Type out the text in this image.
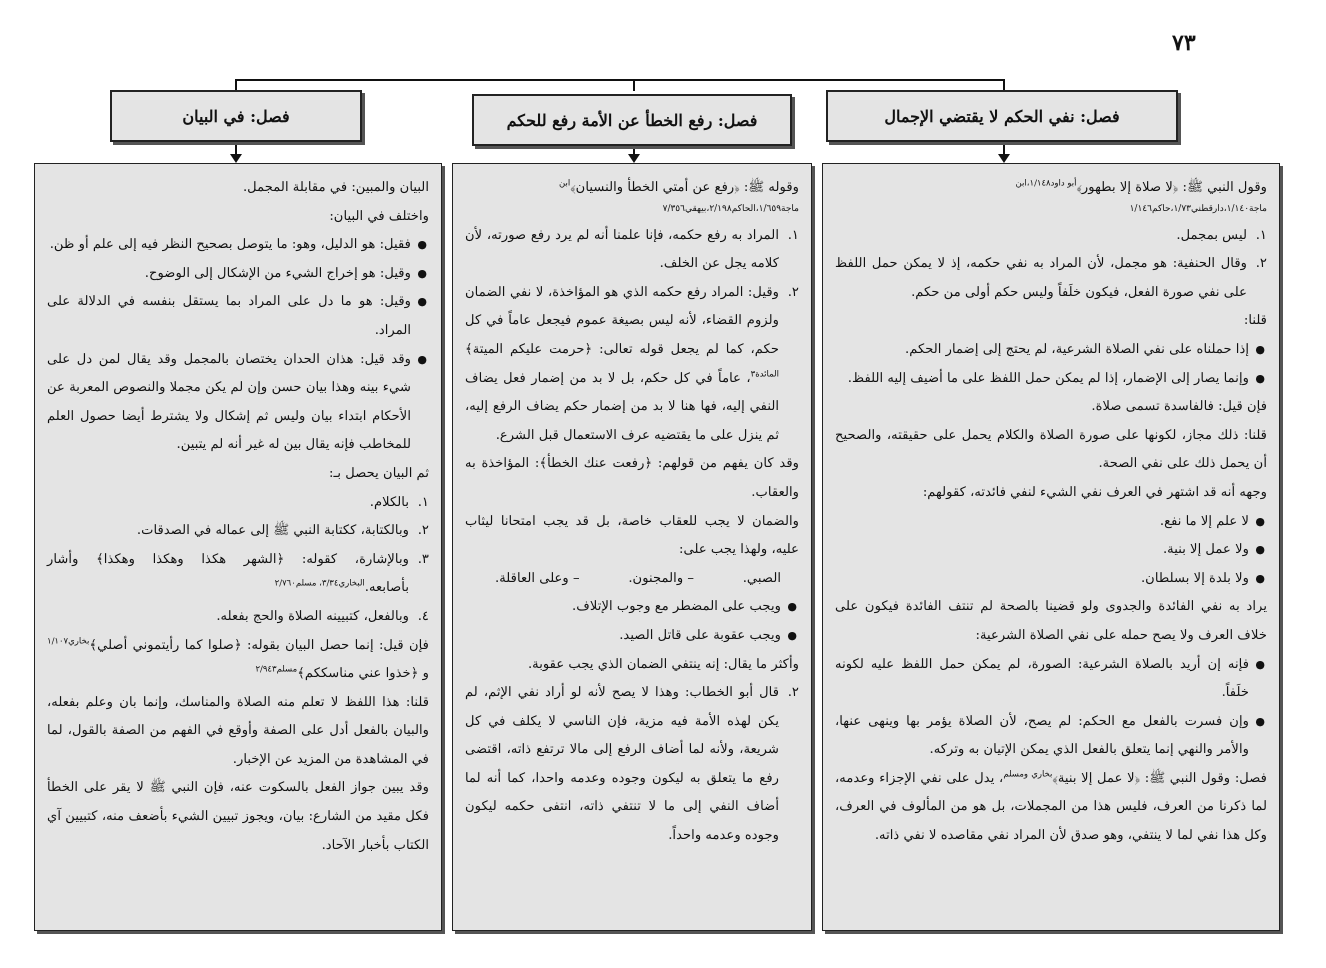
٧٣
فصل: نفي الحكم لا يقتضي الإجمال
فصل: رفع الخطأ عن الأمة رفع للحكم
فصل: في البيان

وقول النبي ﷺ: ﴿لا صلاة إلا بطهور﴾$^{أبو داود١/١٤٨،ابن}$

ماجة١/١٤٠،دارقطني١/٧٣،حاكم١/١٤٦

١.
ليس بمجمل.

٢.
وقال الحنفية: هو مجمل، لأن المراد به نفي حكمه، إذ لا يمكن حمل اللفظ على نفي صورة الفعل، فيكون خلَفاً وليس حكم أولى من حكم.

قلنا:

●
إذا حملناه على نفي الصلاة الشرعية، لم يحتج إلى إضمار الحكم.

●
وإنما يصار إلى الإضمار، إذا لم يمكن حمل اللفظ على ما أضيف إليه اللفظ.

فإن قيل: فالفاسدة تسمى صلاة.

قلنا: ذلك مجاز، لكونها على صورة الصلاة والكلام يحمل على حقيقته، والصحيح أن يحمل ذلك على نفي الصحة.

وجهه أنه قد اشتهر في العرف نفي الشيء لنفي فائدته، كقولهم:

●
لا علم إلا ما نفع.

●
ولا عمل إلا بنية.

●
ولا بلدة إلا بسلطان.

يراد به نفي الفائدة والجدوى ولو قضينا بالصحة لم تنتف الفائدة فيكون على خلاف العرف ولا يصح حمله على نفي الصلاة الشرعية:

●
فإنه إن أريد بالصلاة الشرعية: الصورة، لم يمكن حمل اللفظ عليه لكونه خلَفاً.

●
وإن فسرت بالفعل مع الحكم: لم يصح، لأن الصلاة يؤمر بها وينهى عنها، والأمر والنهي إنما يتعلق بالفعل الذي يمكن الإتيان به وتركه.

فصل: وقول النبي ﷺ: ﴿لا عمل إلا بنية﴾$^{بخاري ومسلم}$، يدل على نفي الإجزاء وعدمه، لما ذكرنا من العرف، فليس هذا من المجملات، بل هو من المألوف في العرف، وكل هذا نفي لما لا ينتفي، وهو صدق لأن المراد نفي مقاصده لا نفي ذاته.

وقوله ﷺ: ﴿رفع عن أمتي الخطأ والنسيان﴾$^{ابن}$

ماجة١/٦٥٩،الحاكم٢/١٩٨،بيهقي٧/٣٥٦

١.
المراد به رفع حكمه، فإنا علمنا أنه لم يرد رفع صورته، لأن كلامه يجل عن الخلف.

٢.
وقيل: المراد رفع حكمه الذي هو المؤاخذة، لا نفي الضمان ولزوم القضاء، لأنه ليس بصيغة عموم فيجعل عاماً في كل حكم، كما لم يجعل قوله تعالى: ﴿حرمت عليكم الميتة﴾$^{المائدة٣}$، عاماً في كل حكم، بل لا بد من إضمار فعل يضاف النفي إليه، فها هنا لا بد من إضمار حكم يضاف الرفع إليه، ثم ينزل على ما يقتضيه عرف الاستعمال قبل الشرع.

وقد كان يفهم من قولهم: ﴿رفعت عنك الخطأ﴾: المؤاخذة به والعقاب.

والضمان لا يجب للعقاب خاصة، بل قد يجب امتحانا ليثاب عليه، ولهذا يجب على:

الصبي.
– والمجنون.
– وعلى العاقلة.

●
ويجب على المضطر مع وجوب الإتلاف.

●
ويجب عقوبة على قاتل الصيد.

وأكثر ما يقال: إنه ينتفي الضمان الذي يجب عقوبة.

٢.
قال أبو الخطاب: وهذا لا يصح لأنه لو أراد نفي الإثم، لم يكن لهذه الأمة فيه مزية، فإن الناسي لا يكلف في كل شريعة، ولأنه لما أضاف الرفع إلى مالا ترتفع ذاته، اقتضى رفع ما يتعلق به ليكون وجوده وعدمه واحدا، كما أنه لما أضاف النفي إلى ما لا تنتفي ذاته، انتفى حكمه ليكون وجوده وعدمه واحداً.

البيان والمبين: في مقابلة المجمل.

واختلف في البيان:

●
فقيل: هو الدليل، وهو: ما يتوصل بصحيح النظر فيه إلى علم أو ظن.

●
وقيل: هو إخراج الشيء من الإشكال إلى الوضوح.

●
وقيل: هو ما دل على المراد بما يستقل بنفسه في الدلالة على المراد.

●
وقد قيل: هذان الحدان يختصان بالمجمل وقد يقال لمن دل على شيء بينه وهذا بيان حسن وإن لم يكن مجملا والنصوص المعربة عن الأحكام ابتداء بيان وليس ثم إشكال ولا يشترط أيضا حصول العلم للمخاطب فإنه يقال بين له غير أنه لم يتبين.

ثم البيان يحصل بـ:

١.
بالكلام.

٢.
وبالكتابة، ككتابة النبي ﷺ إلى عماله في الصدقات.

٣.
وبالإشارة، كقوله: ﴿الشهر هكذا وهكذا وهكذا﴾ وأشار بأصابعه.$^{البخاري٣/٣٤، مسلم٢/٧٦٠}$

٤.
وبالفعل، كتبيينه الصلاة والحج بفعله.

فإن قيل: إنما حصل البيان بقوله: ﴿صلوا كما رأيتموني أصلي﴾$^{بخاري١/١٠٧}$ و ﴿خذوا عني مناسككم﴾$^{مسلم٢/٩٤٣}$

قلنا: هذا اللفظ لا تعلم منه الصلاة والمناسك، وإنما بان وعلم بفعله، والبيان بالفعل أدل على الصفة وأوقع في الفهم من الصفة بالقول، لما في المشاهدة من المزيد عن الإخبار.

وقد يبين جواز الفعل بالسكوت عنه، فإن النبي ﷺ لا يقر على الخطأ فكل مقيد من الشارع: بيان، ويجوز تبيين الشيء بأضعف منه، كتبيين آي الكتاب بأخبار الآحاد.
